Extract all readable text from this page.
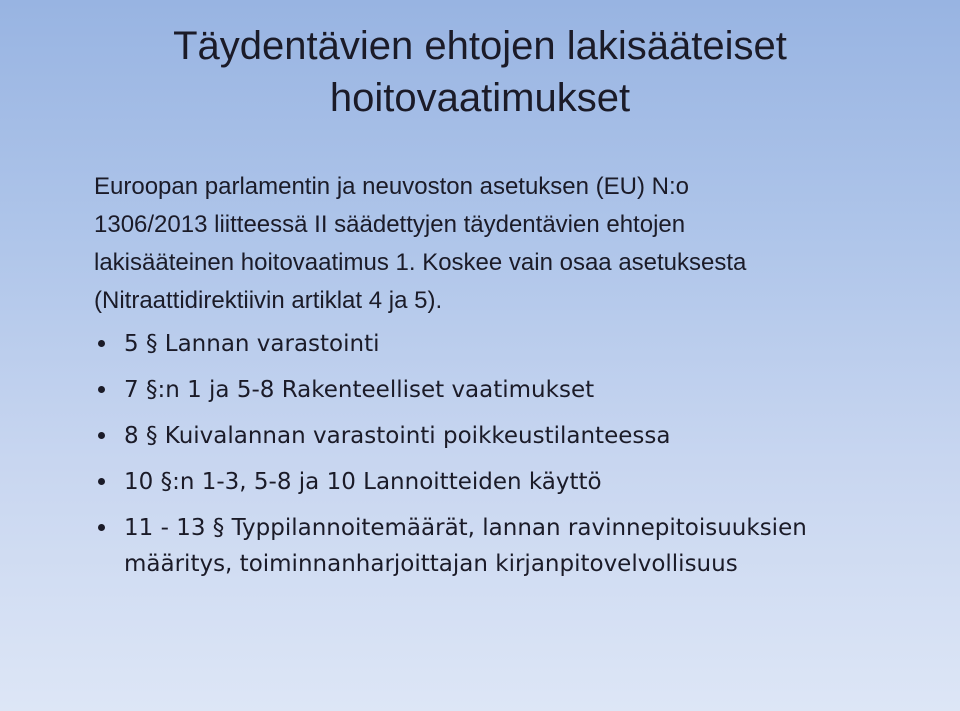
Täydentävien ehtojen lakisääteiset
hoitovaatimukset
Euroopan parlamentin ja neuvoston asetuksen (EU) N:o
1306/2013 liitteessä II säädettyjen täydentävien ehtojen
lakisääteinen hoitovaatimus 1. Koskee vain osaa asetuksesta
(Nitraattidirektiivin artiklat 4 ja 5).
5 § Lannan varastointi
7 §:n 1 ja 5-8 Rakenteelliset vaatimukset
8 § Kuivalannan varastointi poikkeustilanteessa
10 §:n 1-3, 5-8 ja 10 Lannoitteiden käyttö
11 - 13 § Typpilannoitemäärät, lannan ravinnepitoisuuksien
määritys, toiminnanharjoittajan kirjanpitovelvollisuus
